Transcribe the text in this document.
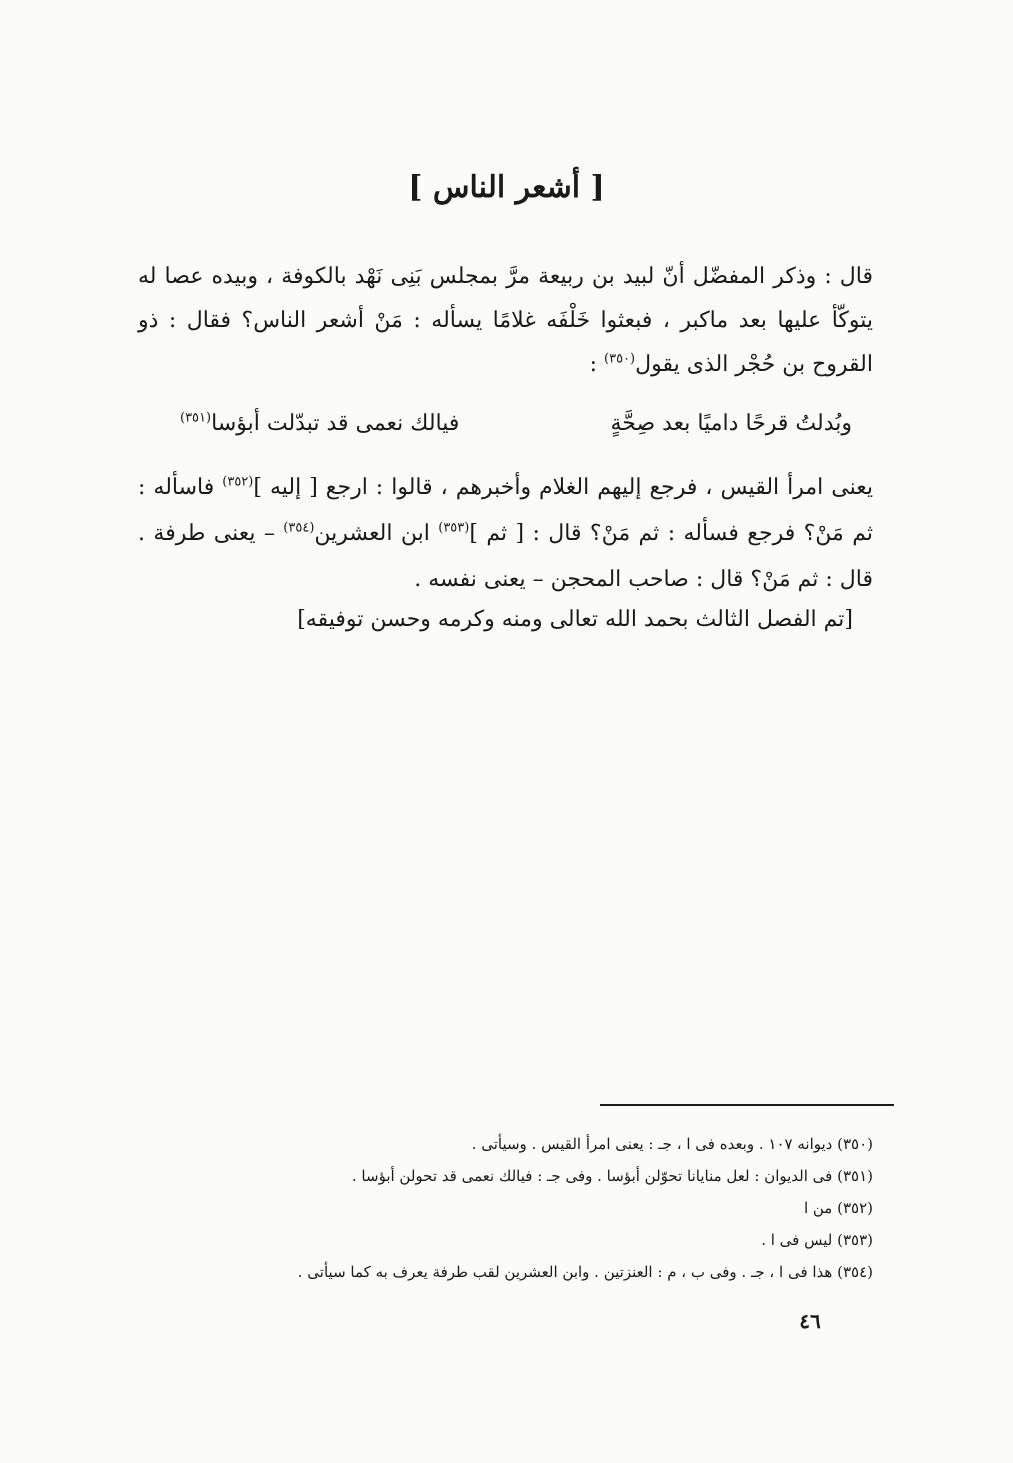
[ أشعر الناس ]

قال : وذكر المفضّل أنّ لبيد بن ربيعة مرَّ بمجلس بَنِى نَهْد بالكوفة ، وبيده عصا له يتوكّأ عليها بعد ماكبر ، فبعثوا خَلْفَه غلامًا يسأله : مَنْ أشعر الناس؟ فقال : ذو القروح بن حُجْر الذى يقول$^{(٣٥٠)}$ :

وبُدلتُ قرحًا داميًا بعد صِحَّةٍ
فيالك نعمى قد تبدّلت أبؤسا$^{(٣٥١)}$

يعنى امرأ القيس ، فرجع إليهم الغلام وأخبرهم ، قالوا : ارجع [ إليه ]$^{(٣٥٢)}$ فاسأله : ثم مَنْ؟ فرجع فسأله : ثم مَنْ؟ قال : [ ثم ]$^{(٣٥٣)}$ ابن العشرين$^{(٣٥٤)}$ – يعنى طرفة . قال : ثم مَنْ؟ قال : صاحب المحجن – يعنى نفسه .

[تم الفصل الثالث بحمد الله تعالى ومنه وكرمه وحسن توفيقه]
(٣٥٠) ديوانه ١٠٧ . وبعده فى ا ، جـ : يعنى امرأ القيس . وسيأتى .
(٣٥١) فى الديوان : لعل منايانا تحوّلن أبؤسا . وفى جـ : فيالك نعمى قد تحولن أبؤسا .
(٣٥٢) من ا
(٣٥٣) ليس فى ا .
(٣٥٤) هذا فى ا ، جـ . وفى ب ، م : العنزتين . وابن العشرين لقب طرفة يعرف به كما سيأتى .
٤٦
